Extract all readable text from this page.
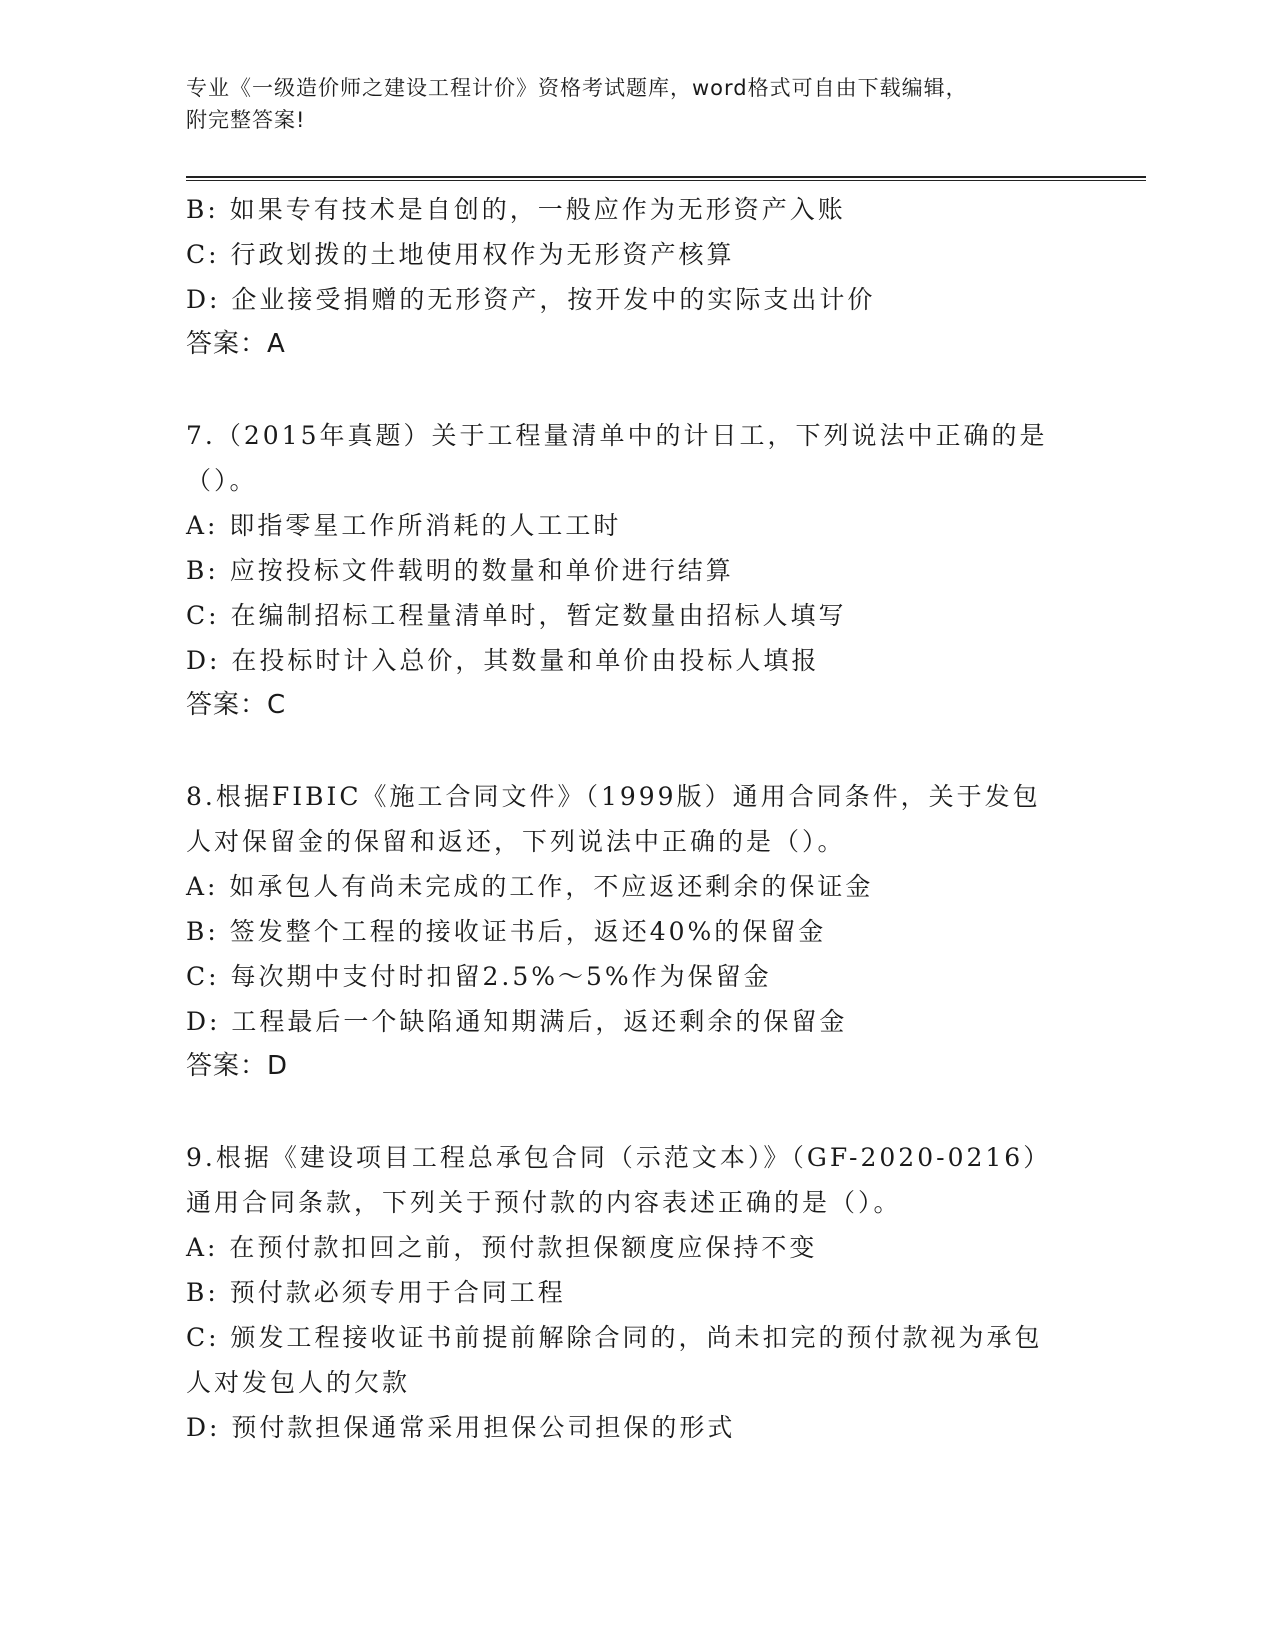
专业《一级造价师之建设工程计价》资格考试题库，word格式可自由下载编辑，
附完整答案!
B: 如果专有技术是自创的，一般应作为无形资产入账
C: 行政划拨的土地使用权作为无形资产核算
D: 企业接受捐赠的无形资产，按开发中的实际支出计价
答案：A
7.（2015年真题）关于工程量清单中的计日工，下列说法中正确的是
（）。
A: 即指零星工作所消耗的人工工时
B: 应按投标文件载明的数量和单价进行结算
C: 在编制招标工程量清单时，暂定数量由招标人填写
D: 在投标时计入总价，其数量和单价由投标人填报
答案：C
8.根据FIBIC《施工合同文件》（1999版）通用合同条件，关于发包
人对保留金的保留和返还，下列说法中正确的是（）。
A: 如承包人有尚未完成的工作，不应返还剩余的保证金
B: 签发整个工程的接收证书后，返还40%的保留金
C: 每次期中支付时扣留2.5%～5%作为保留金
D: 工程最后一个缺陷通知期满后，返还剩余的保留金
答案：D
9.根据《建设项目工程总承包合同（示范文本）》（GF-2020-0216）
通用合同条款，下列关于预付款的内容表述正确的是（）。
A: 在预付款扣回之前，预付款担保额度应保持不变
B: 预付款必须专用于合同工程
C: 颁发工程接收证书前提前解除合同的，尚未扣完的预付款视为承包
人对发包人的欠款
D: 预付款担保通常采用担保公司担保的形式
